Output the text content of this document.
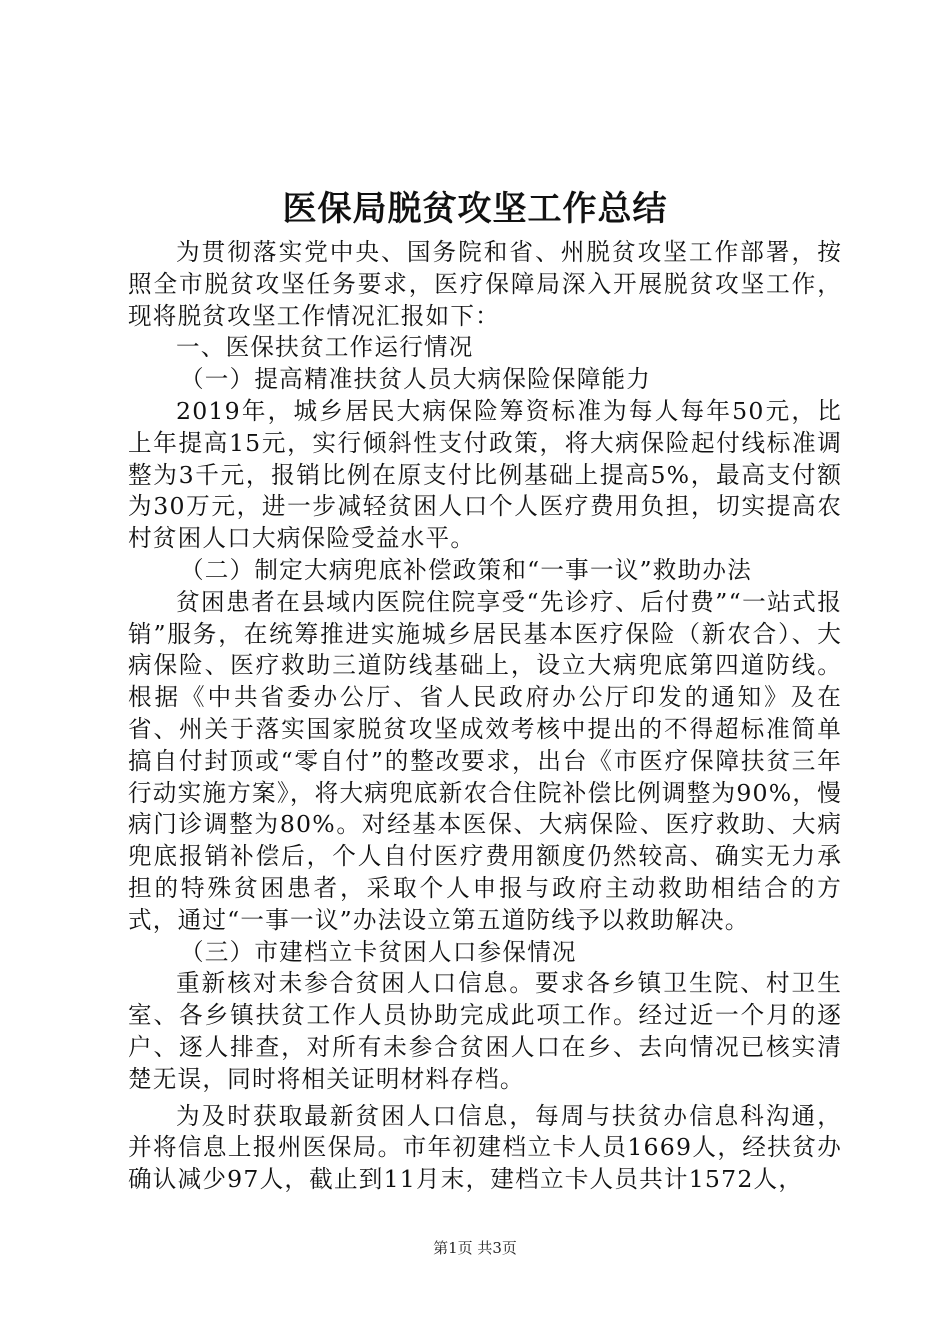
医保局脱贫攻坚工作总结

为贯彻落实党中央、国务院和省、州脱贫攻坚工作部署，按照全市脱贫攻坚任务要求，医疗保障局深入开展脱贫攻坚工作，现将脱贫攻坚工作情况汇报如下：

一、医保扶贫工作运行情况

（一）提高精准扶贫人员大病保险保障能力

2019年，城乡居民大病保险筹资标准为每人每年50元，比上年提高15元，实行倾斜性支付政策，将大病保险起付线标准调整为3千元，报销比例在原支付比例基础上提高5%，最高支付额为30万元，进一步减轻贫困人口个人医疗费用负担，切实提高农村贫困人口大病保险受益水平。

（二）制定大病兜底补偿政策和“一事一议”救助办法

贫困患者在县域内医院住院享受“先诊疗、后付费”“一站式报销”服务，在统筹推进实施城乡居民基本医疗保险（新农合）、大病保险、医疗救助三道防线基础上，设立大病兜底第四道防线。根据《中共省委办公厅、省人民政府办公厅印发的通知》及在省、州关于落实国家脱贫攻坚成效考核中提出的不得超标准简单搞自付封顶或“零自付”的整改要求，出台《市医疗保障扶贫三年行动实施方案》，将大病兜底新农合住院补偿比例调整为90%，慢病门诊调整为80%。对经基本医保、大病保险、医疗救助、大病兜底报销补偿后，个人自付医疗费用额度仍然较高、确实无力承担的特殊贫困患者，采取个人申报与政府主动救助相结合的方式，通过“一事一议”办法设立第五道防线予以救助解决。

（三）市建档立卡贫困人口参保情况

重新核对未参合贫困人口信息。要求各乡镇卫生院、村卫生室、各乡镇扶贫工作人员协助完成此项工作。经过近一个月的逐户、逐人排查，对所有未参合贫困人口在乡、去向情况已核实清楚无误，同时将相关证明材料存档。

为及时获取最新贫困人口信息，每周与扶贫办信息科沟通，并将信息上报州医保局。市年初建档立卡人员1669人，经扶贫办确认减少97人，截止到11月末，建档立卡人员共计1572人，

第1页 共3页
